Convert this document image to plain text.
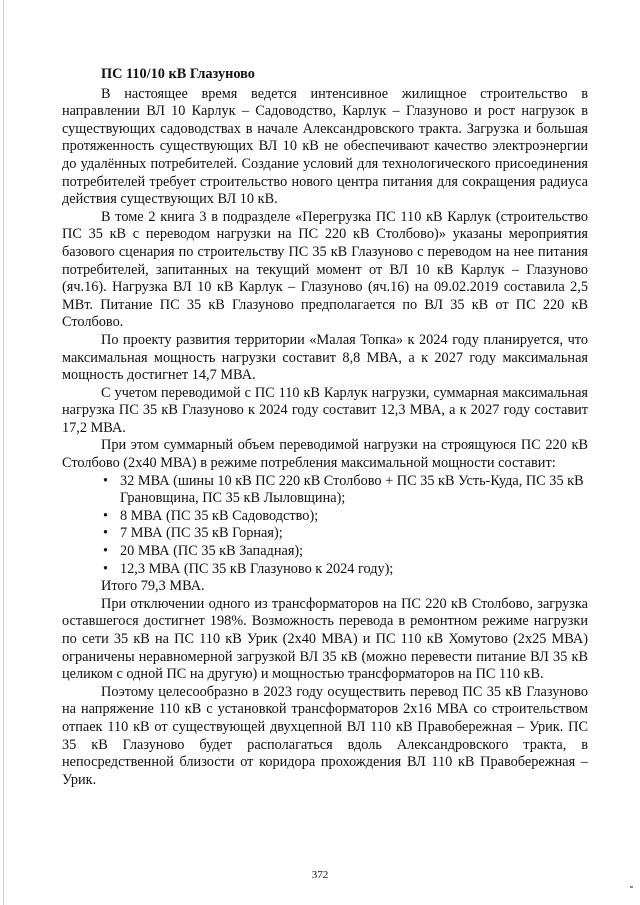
ПС 110/10 кВ Глазуново

В настоящее время ведется интенсивное жилищное строительство в направлении ВЛ 10 Карлук – Садоводство, Карлук – Глазуново и рост нагрузок в существующих садоводствах в начале Александровского тракта. Загрузка и большая протяженность существующих ВЛ 10 кВ не обеспечивают качество электроэнергии до удалённых потребителей. Создание условий для технологического присоединения потребителей требует строительство нового центра питания для сокращения радиуса действия существующих ВЛ 10 кВ.

В томе 2 книга 3 в подразделе «Перегрузка ПС 110 кВ Карлук (строительство ПС 35 кВ с переводом нагрузки на ПС 220 кВ Столбово)» указаны мероприятия базового сценария по строительству ПС 35 кВ Глазуново с переводом на нее питания потребителей, запитанных на текущий момент от ВЛ 10 кВ Карлук – Глазуново (яч.16). Нагрузка ВЛ 10 кВ Карлук – Глазуново (яч.16) на 09.02.2019 составила 2,5 МВт. Питание ПС 35 кВ Глазуново предполагается по ВЛ 35 кВ от ПС 220 кВ Столбово.

По проекту развития территории «Малая Топка» к 2024 году планируется, что максимальная мощность нагрузки составит 8,8 МВА, а к 2027 году максимальная мощность достигнет 14,7 МВА.

С учетом переводимой с ПС 110 кВ Карлук нагрузки, суммарная максимальная нагрузка ПС 35 кВ Глазуново к 2024 году составит 12,3 МВА, а к 2027 году составит 17,2 МВА.

При этом суммарный объем переводимой нагрузки на строящуюся ПС 220 кВ Столбово (2х40 МВА) в режиме потребления максимальной мощности составит:

• 32 МВА (шины 10 кВ ПС 220 кВ Столбово + ПС 35 кВ Усть-Куда, ПС 35 кВ Грановщина, ПС 35 кВ Лыловщина);
• 8 МВА (ПС 35 кВ Садоводство);
• 7 МВА (ПС 35 кВ Горная);
• 20 МВА (ПС 35 кВ Западная);
• 12,3 МВА (ПС 35 кВ Глазуново к 2024 году);

Итого 79,3 МВА.

При отключении одного из трансформаторов на ПС 220 кВ Столбово, загрузка оставшегося достигнет 198%. Возможность перевода в ремонтном режиме нагрузки по сети 35 кВ на ПС 110 кВ Урик (2х40 МВА) и ПС 110 кВ Хомутово (2х25 МВА) ограничены неравномерной загрузкой ВЛ 35 кВ (можно перевести питание ВЛ 35 кВ целиком с одной ПС на другую) и мощностью трансформаторов на ПС 110 кВ.

Поэтому целесообразно в 2023 году осуществить перевод ПС 35 кВ Глазуново на напряжение 110 кВ с установкой трансформаторов 2х16 МВА со строительством отпаек 110 кВ от существующей двухцепной ВЛ 110 кВ Правобережная – Урик. ПС 35 кВ Глазуново будет располагаться вдоль Александровского тракта, в непосредственной близости от коридора прохождения ВЛ 110 кВ Правобережная – Урик.

372
